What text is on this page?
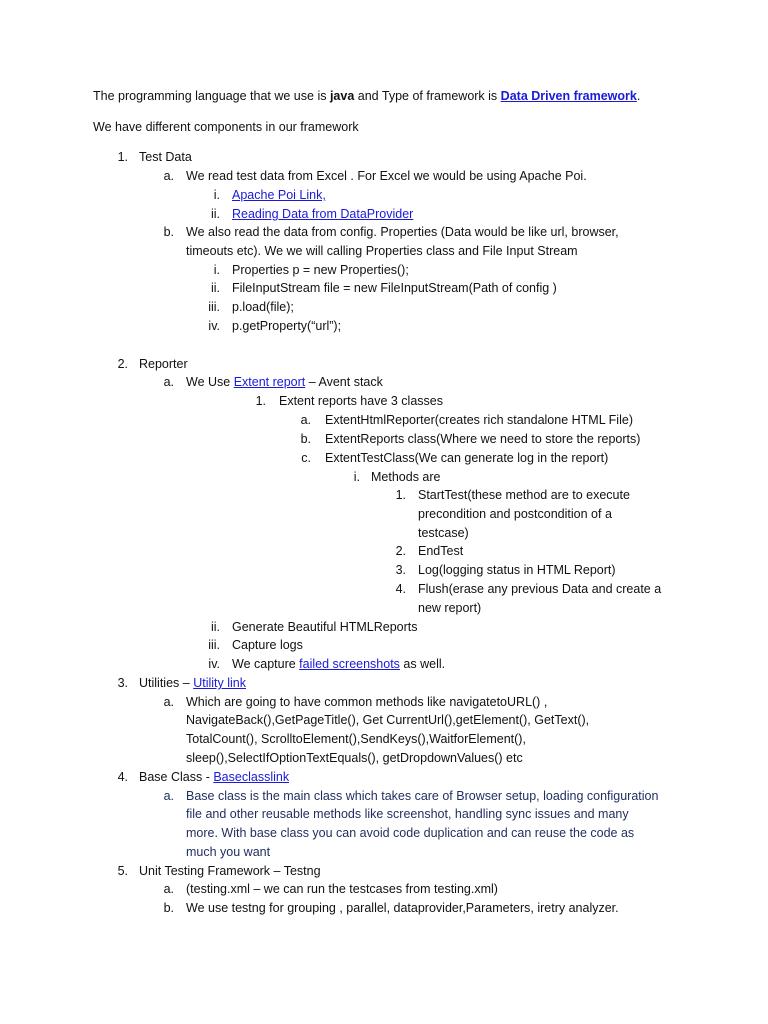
The programming language that we use is java and Type of framework is Data Driven framework.
We have different components in our framework
1. Test Data
a. We read test data from Excel . For Excel we would be using Apache Poi.
i. Apache Poi Link,
ii. Reading Data from DataProvider
b. We also read the data from config. Properties (Data would be like url, browser,
timeouts etc). We we will calling Properties class and File Input Stream
i. Properties p = new Properties();
ii. FileInputStream file = new FileInputStream(Path of config )
iii. p.load(file);
iv. p.getProperty(“url”);
2. Reporter
a. We Use Extent report – Avent stack
1. Extent reports have 3 classes
a. ExtentHtmlReporter(creates rich standalone HTML File)
b. ExtentReports class(Where we need to store the reports)
c. ExtentTestClass(We can generate log in the report)
i. Methods are
1. StartTest(these method are to execute
precondition and postcondition of a
testcase)
2. EndTest
3. Log(logging status in HTML Report)
4. Flush(erase any previous Data and create a
new report)
ii. Generate Beautiful HTMLReports
iii. Capture logs
iv. We capture failed screenshots as well.
3. Utilities – Utility link
a. Which are going to have common methods like navigatetoURL() ,
NavigateBack(),GetPageTitle(), Get CurrentUrl(),getElement(), GetText(),
TotalCount(), ScrolltoElement(),SendKeys(),WaitforElement(),
sleep(),SelectIfOptionTextEquals(), getDropdownValues() etc
4. Base Class - Baseclasslink
a. Base class is the main class which takes care of Browser setup, loading configuration
file and other reusable methods like screenshot, handling sync issues and many
more. With base class you can avoid code duplication and can reuse the code as
much you want
5. Unit Testing Framework – Testng
a. (testing.xml – we can run the testcases from testing.xml)
b. We use testng for grouping , parallel, dataprovider,Parameters, iretry analyzer.
